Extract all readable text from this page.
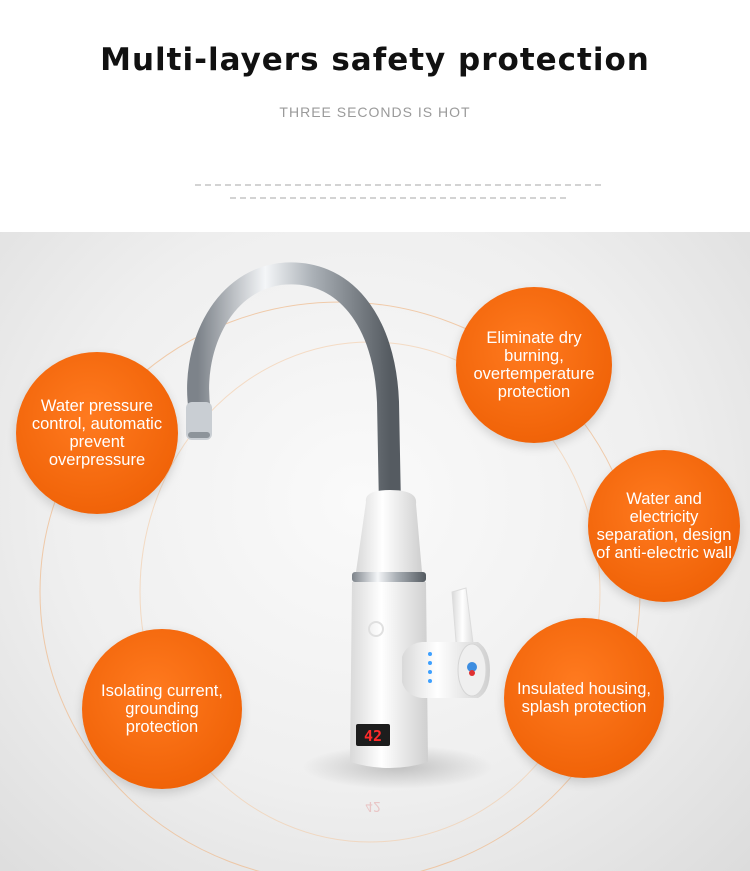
Multi-layers safety protection
THREE SECONDS IS HOT
42
42
Water pressure control, automatic prevent overpressure
Eliminate dry burning, overtemperature protection
Water and electricity separation, design of anti-electric wall
Isolating current, grounding protection
Insulated housing, splash protection
